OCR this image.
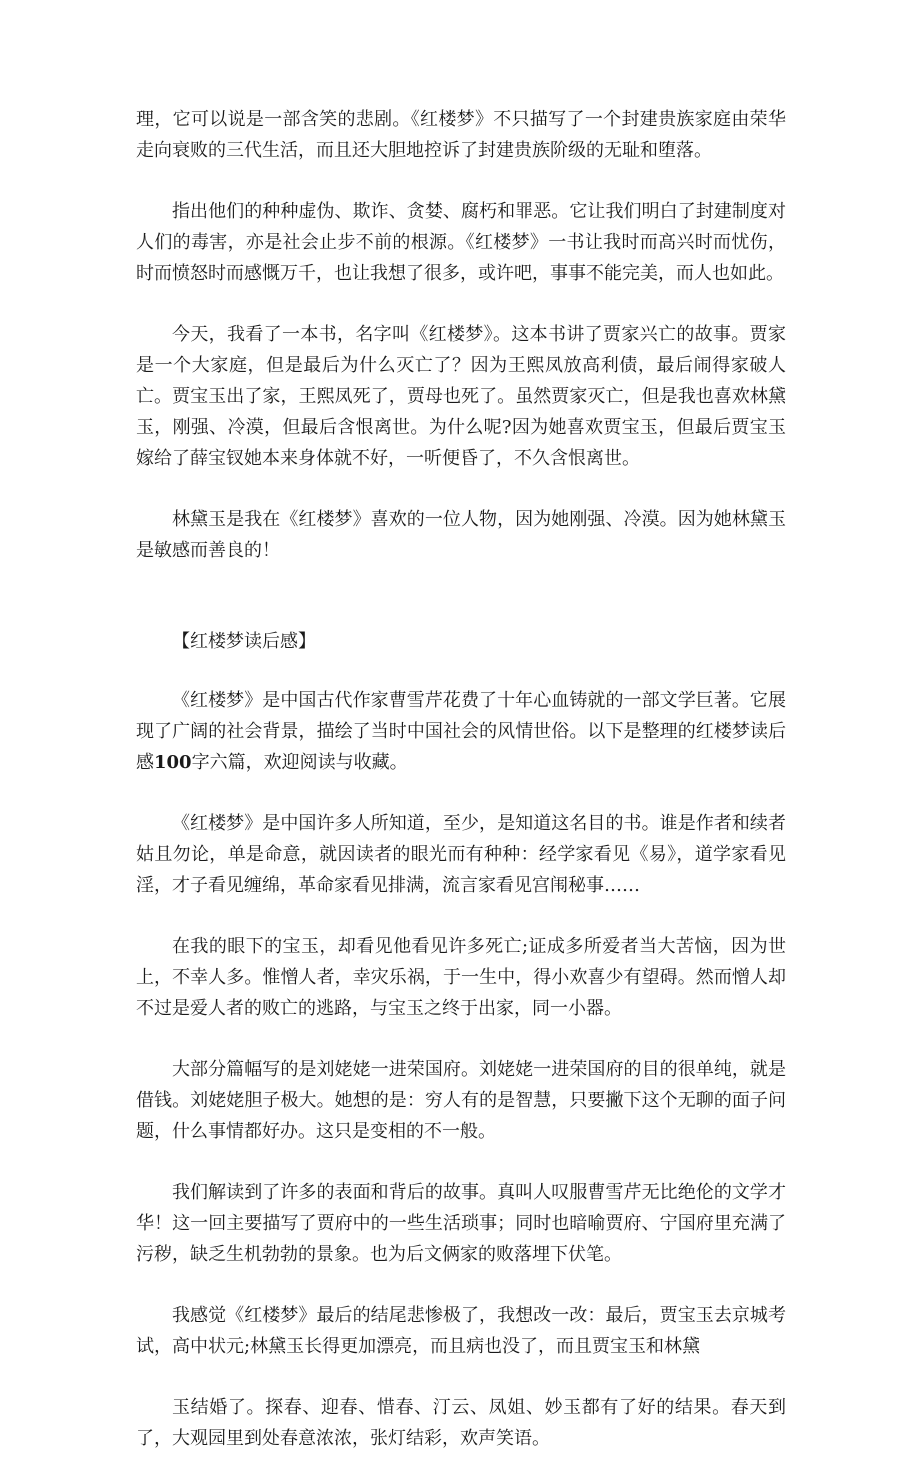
理，它可以说是一部含笑的悲剧。《红楼梦》不只描写了一个封建贵族家庭由荣华走向衰败的三代生活，而且还大胆地控诉了封建贵族阶级的无耻和堕落。

指出他们的种种虚伪、欺诈、贪婪、腐朽和罪恶。它让我们明白了封建制度对人们的毒害，亦是社会止步不前的根源。《红楼梦》一书让我时而高兴时而忧伤，时而愤怒时而感慨万千，也让我想了很多，或许吧，事事不能完美，而人也如此。

今天，我看了一本书，名字叫《红楼梦》。这本书讲了贾家兴亡的故事。贾家是一个大家庭，但是最后为什么灭亡了？因为王熙凤放高利债，最后闹得家破人亡。贾宝玉出了家，王熙凤死了，贾母也死了。虽然贾家灭亡，但是我也喜欢林黛玉，刚强、冷漠，但最后含恨离世。为什么呢?因为她喜欢贾宝玉，但最后贾宝玉嫁给了薛宝钗她本来身体就不好，一听便昏了，不久含恨离世。

林黛玉是我在《红楼梦》喜欢的一位人物，因为她刚强、冷漠。因为她林黛玉是敏感而善良的！

【红楼梦读后感】

《红楼梦》是中国古代作家曹雪芹花费了十年心血铸就的一部文学巨著。它展现了广阔的社会背景，描绘了当时中国社会的风情世俗。以下是整理的红楼梦读后感100字六篇，欢迎阅读与收藏。

《红楼梦》是中国许多人所知道，至少，是知道这名目的书。谁是作者和续者姑且勿论，单是命意，就因读者的眼光而有种种：经学家看见《易》，道学家看见淫，才子看见缠绵，革命家看见排满，流言家看见宫闱秘事……

在我的眼下的宝玉，却看见他看见许多死亡;证成多所爱者当大苦恼，因为世上，不幸人多。惟憎人者，幸灾乐祸，于一生中，得小欢喜少有望碍。然而憎人却不过是爱人者的败亡的逃路，与宝玉之终于出家，同一小器。

大部分篇幅写的是刘姥姥一进荣国府。刘姥姥一进荣国府的目的很单纯，就是借钱。刘姥姥胆子极大。她想的是：穷人有的是智慧，只要撇下这个无聊的面子问题，什么事情都好办。这只是变相的不一般。

我们解读到了许多的表面和背后的故事。真叫人叹服曹雪芹无比绝伦的文学才华！这一回主要描写了贾府中的一些生活琐事；同时也暗喻贾府、宁国府里充满了污秽，缺乏生机勃勃的景象。也为后文俩家的败落埋下伏笔。

我感觉《红楼梦》最后的结尾悲惨极了，我想改一改：最后，贾宝玉去京城考试，高中状元;林黛玉长得更加漂亮，而且病也没了，而且贾宝玉和林黛

玉结婚了。探春、迎春、惜春、汀云、凤姐、妙玉都有了好的结果。春天到了，大观园里到处春意浓浓，张灯结彩，欢声笑语。
